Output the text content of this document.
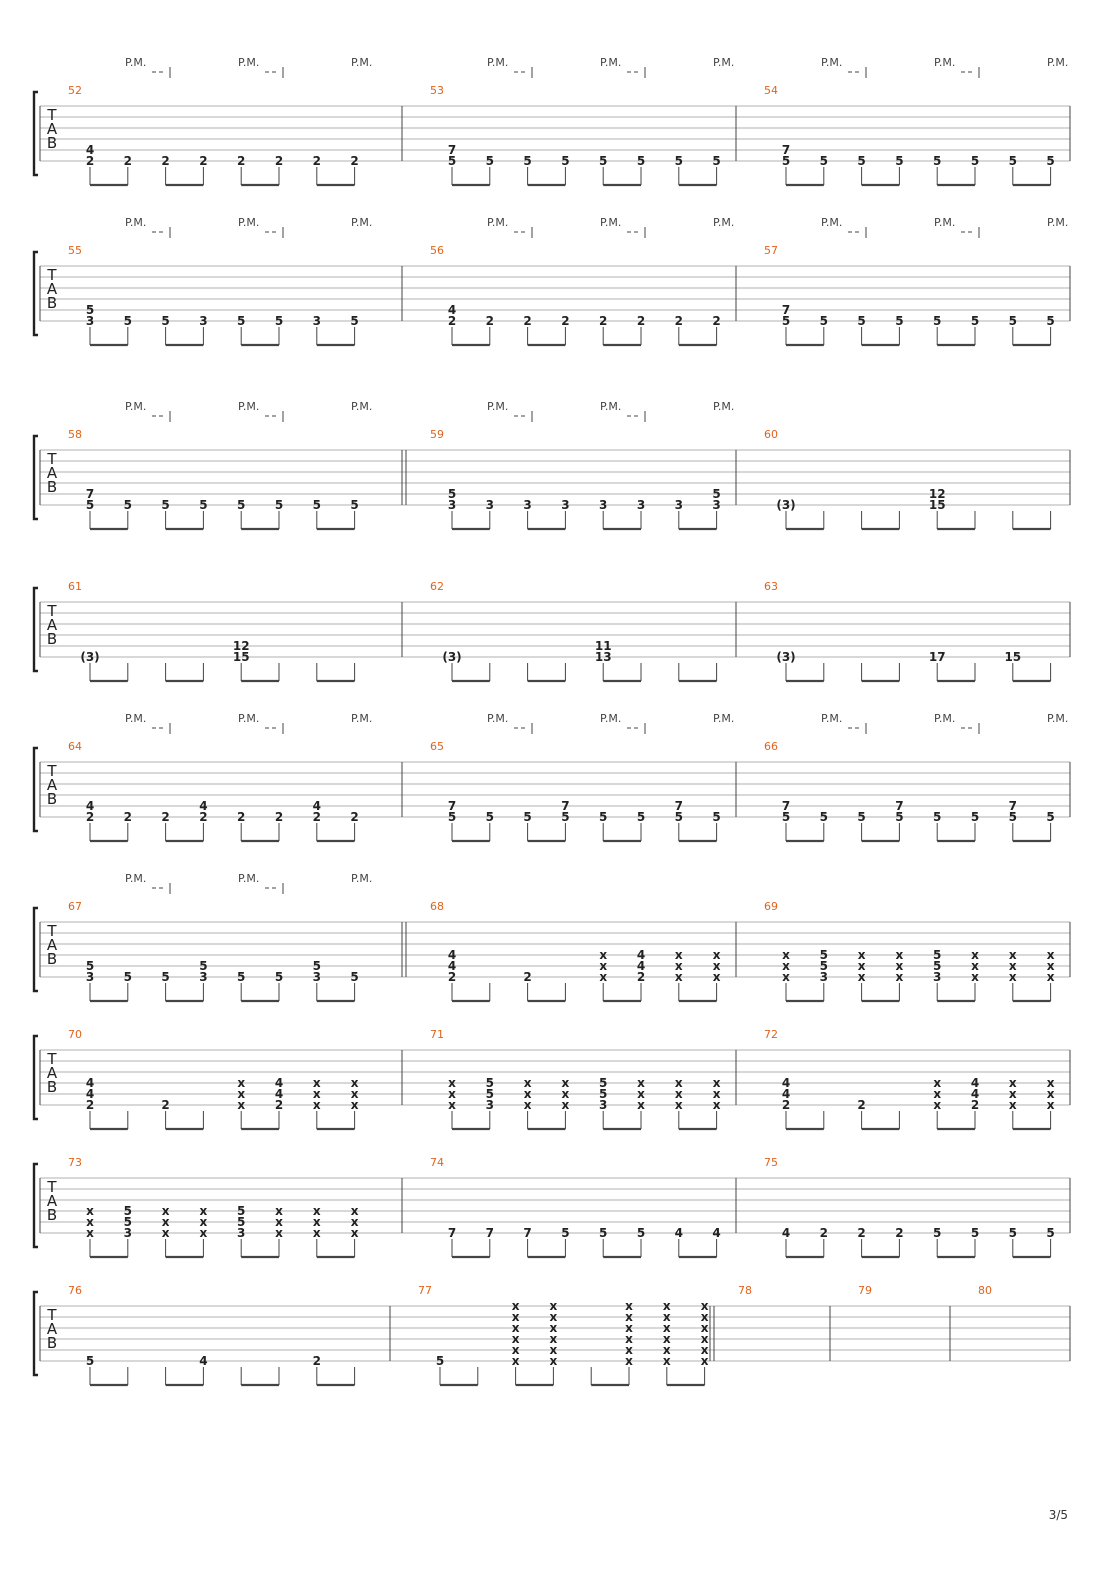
T
A
B
52
P.M.	P.M.	P.M.
4
2 2 2 2 2 2 2 2
53
P.M.	P.M.	P.M.
7
5 5 5 5 5 5 5 5
54
P.M.	P.M.	P.M.
7
5 5 5 5 5 5 5 5
T
A
B
55
P.M.	P.M.	P.M.
5
3 5 5 3 5 5 3 5
56
P.M.	P.M.	P.M.
4
2 2 2 2 2 2 2 2
57
P.M.	P.M.	P.M.
7
5 5 5 5 5 5 5 5
T
A
B
58
P.M.	P.M.	P.M.
7
5 5 5 5 5 5 5 5
59
P.M.	P.M.	P.M.
5
3 3 3 3 3 3 3
5
3
60
(3)
12
15
T
A
B
61
(3)
12
15
62
(3)
11
13
63
(3)	17	15
T
A
B
64
P.M.	P.M.	P.M.
4
2 2 2
4
2 2 2
4
2 2
65
P.M.	P.M.	P.M.
7
5 5 5
7
5 5 5
7
5 5
66
P.M.	P.M.	P.M.
7
5 5 5
7
5 5 5
7
5 5
T
A
B
67
P.M.	P.M.	P.M.
5
3 5 5
5
3 5 5
5
3 5
68
4
4
2	2
x
x
x
4
4
2
x
x
x
x
x
x
69
x
x
x
5
5
3
x
x
x
x
x
x
5
5
3
x
x
x
x
x
x
x
x
x
T
A
B
70
4
4
2	2
x
x
x
4
4
2
x
x
x
x
x
x
71
x
x
x
5
5
3
x
x
x
x
x
x
5
5
3
x
x
x
x
x
x
x
x
x
72
4
4
2	2
x
x
x
4
4
2
x
x
x
x
x
x
T
A
B
73
x
x
x
5
5
3
x
x
x
x
x
x
5
5
3
x
x
x
x
x
x
x
x
x
74
7 7 7 5 5 5 4 4
75
4 2 2 2 5 5 5 5
T
A
B
76
5	4	2
77
5
x
x
x
x
x
x
x
x
x
x
x
x
x
x
x
x
x
x
x
x
x
x
x
x
x
x
x
x
x
x
78	79	80
3/5
